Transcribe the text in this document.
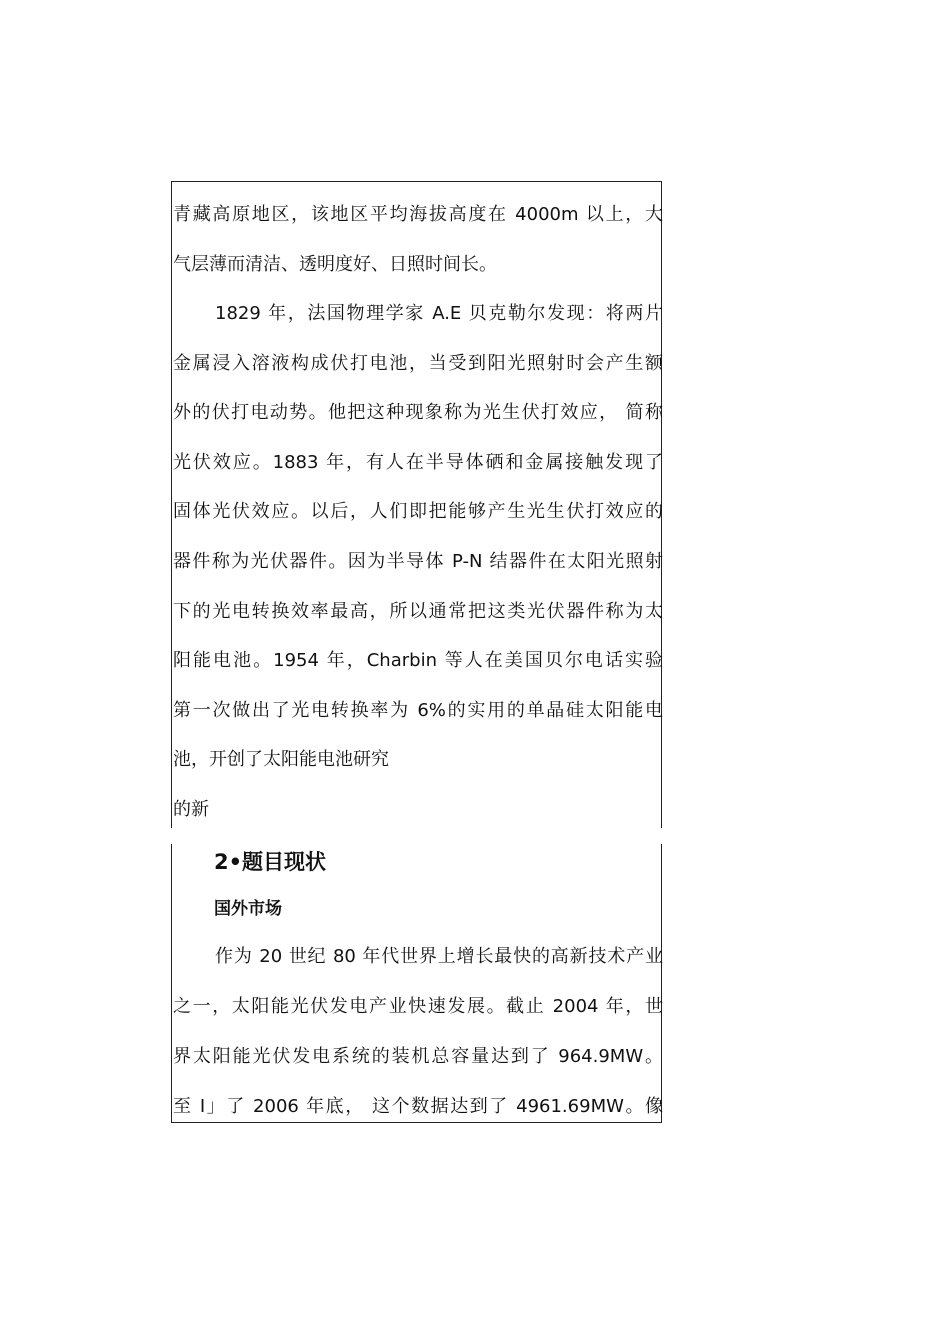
青藏高原地区，该地区平均海拔高度在 4000m 以上，大
气层薄而清洁、透明度好、日照时间长。
1829 年，法国物理学家 A.E 贝克勒尔发现：将两片
金属浸入溶液构成伏打电池，当受到阳光照射时会产生额
外的伏打电动势。他把这种现象称为光生伏打效应， 简称
光伏效应。1883 年，有人在半导体硒和金属接触发现了
固体光伏效应。以后，人们即把能够产生光生伏打效应的
器件称为光伏器件。因为半导体 P-N 结器件在太阳光照射
下的光电转换效率最高，所以通常把这类光伏器件称为太
阳能电池。1954 年，Charbin 等人在美国贝尔电话实验
第一次做出了光电转换率为 6%的实用的单晶硅太阳能电
池，开创了太阳能电池研究
的新
2•题目现状
国外市场
作为 20 世纪 80 年代世界上增长最快的高新技术产业
之一，太阳能光伏发电产业快速发展。截止 2004 年，世
界太阳能光伏发电系统的装机总容量达到了 964.9MW。
至 I」了 2006 年底， 这个数据达到了 4961.69MW。像
